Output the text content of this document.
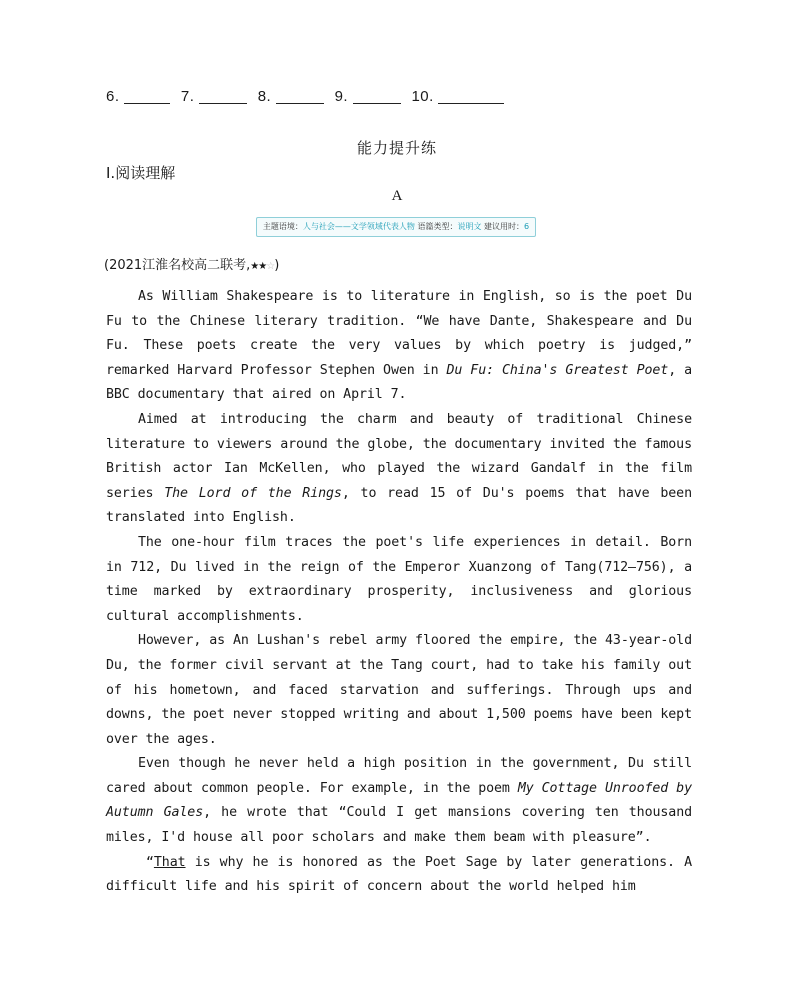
6.	7.	8.	9.	10.
能力提升练
Ⅰ.阅读理解
A
主题语境：人与社会——文学领域代表人物 语篇类型：说明文 建议用时：6
(2021江淮名校高二联考,★★☆)

As William Shakespeare is to literature in English, so is the poet Du Fu to the Chinese literary tradition. “We have Dante, Shakespeare and Du Fu. These poets create the very values by which poetry is judged,” remarked Harvard Professor Stephen Owen in Du Fu: China's Greatest Poet, a BBC documentary that aired on April 7.

Aimed at introducing the charm and beauty of traditional Chinese literature to viewers around the globe, the documentary invited the famous British actor Ian McKellen, who played the wizard Gandalf in the film series The Lord of the Rings, to read 15 of Du's poems that have been translated into English.

The one-hour film traces the poet's life experiences in detail. Born in 712, Du lived in the reign of the Emperor Xuanzong of Tang(712—756), a time marked by extraordinary prosperity, inclusiveness and glorious cultural accomplishments.

However, as An Lushan's rebel army floored the empire, the 43-year-old Du, the former civil servant at the Tang court, had to take his family out of his hometown, and faced starvation and sufferings. Through ups and downs, the poet never stopped writing and about 1,500 poems have been kept over the ages.

Even though he never held a high position in the government, Du still cared about common people. For example, in the poem My Cottage Unroofed by Autumn Gales, he wrote that “Could I get mansions covering ten thousand miles, I'd house all poor scholars and make them beam with pleasure”.

“That is why he is honored as the Poet Sage by later generations. A difficult life and his spirit of concern about the world helped him
